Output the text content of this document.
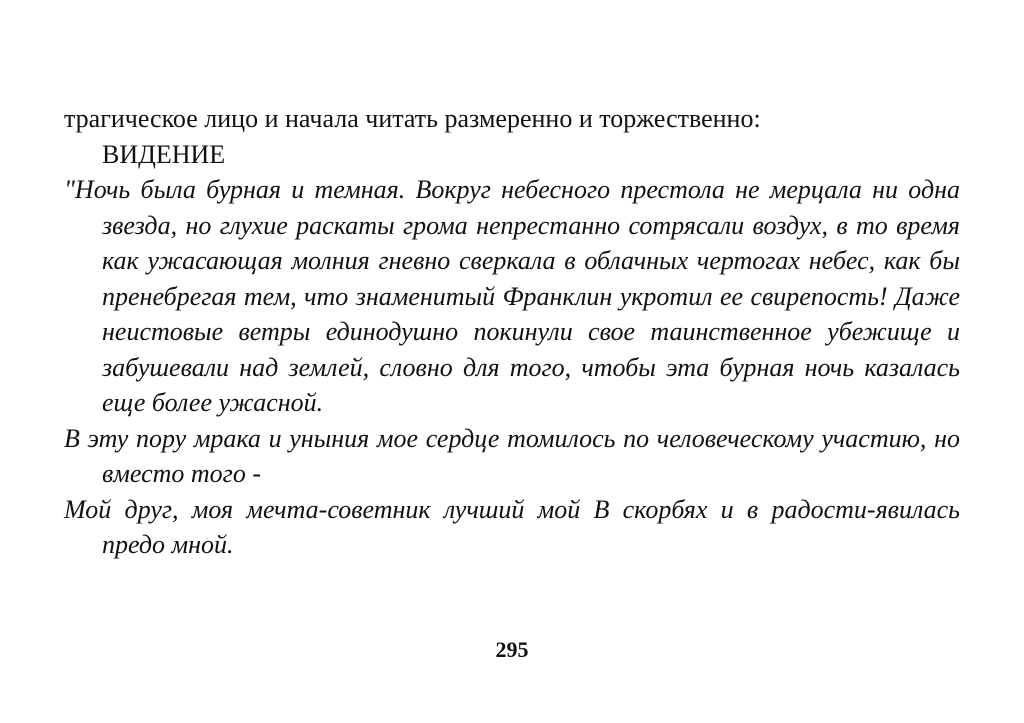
трагическое лицо и начала читать размеренно и торжественно:
ВИДЕНИЕ

"Ночь была бурная и темная. Вокруг небесного престола не мерцала ни одна звезда, но глухие раскаты грома непрестанно сотрясали воздух, в то время как ужасающая молния гневно сверкала в облачных чертогах небес, как бы пренебрегая тем, что знаменитый Франклин укротил ее свирепость! Даже неистовые ветры единодушно покинули свое таинственное убежище и забушевали над землей, словно для того, чтобы эта бурная ночь казалась еще более ужасной.

В эту пору мрака и уныния мое сердце томилось по человеческому участию, но вместо того -

Мой друг, моя мечта-советник лучший мой В скорбях и в радости-явилась предо мной.

295
